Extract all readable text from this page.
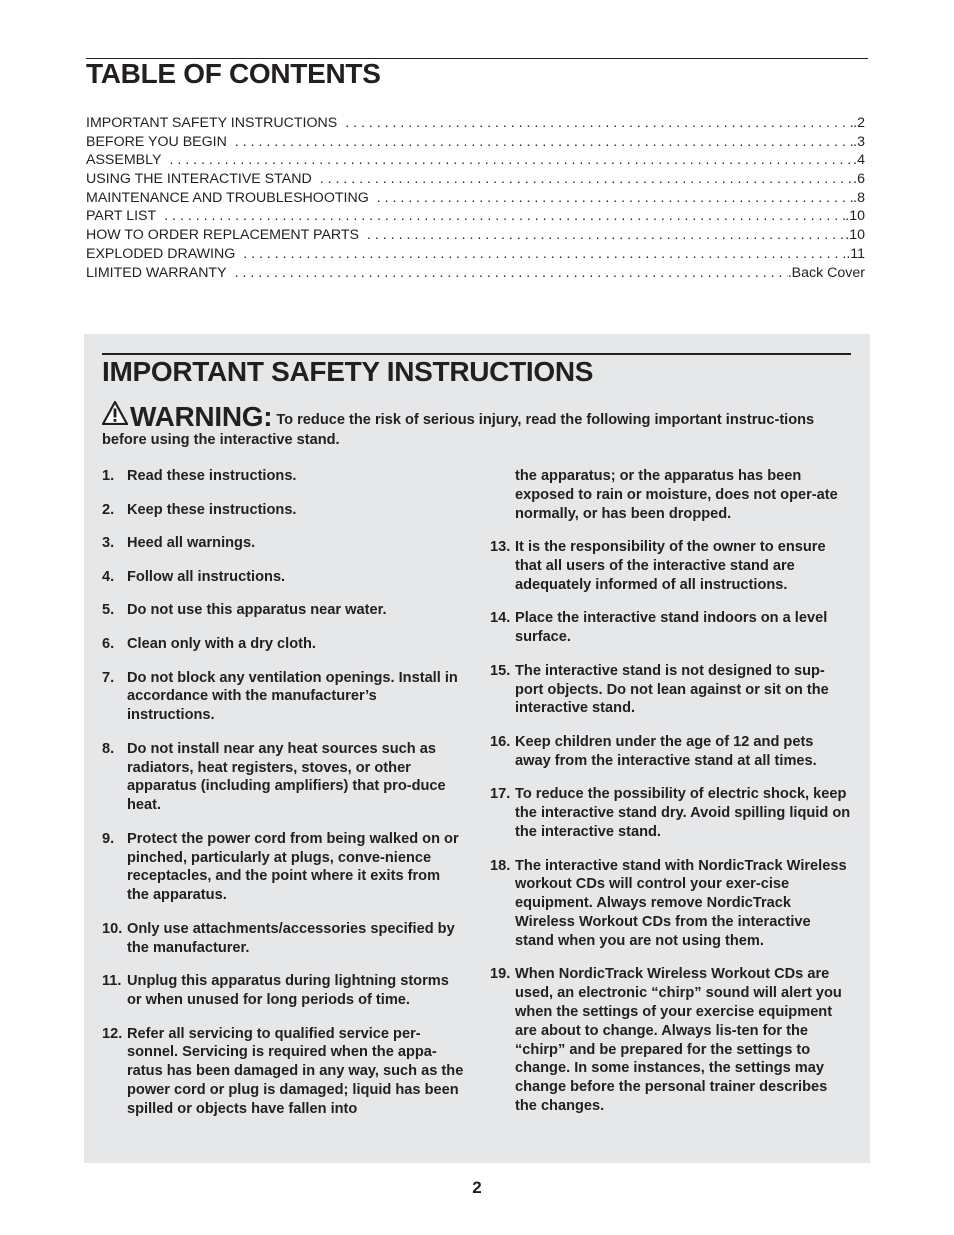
TABLE OF CONTENTS
IMPORTANT SAFETY INSTRUCTIONS . . .	.2
BEFORE YOU BEGIN . . .	.3
ASSEMBLY . . .	.4
USING THE INTERACTIVE STAND . . .	.6
MAINTENANCE AND TROUBLESHOOTING . . .	.8
PART LIST . . .	.10
HOW TO ORDER REPLACEMENT PARTS . . .	.10
EXPLODED DRAWING . . .	.11
LIMITED WARRANTY . . .	.Back Cover
IMPORTANT SAFETY INSTRUCTIONS
WARNING: To reduce the risk of serious injury, read the following important instruc-tions before using the interactive stand.
1. Read these instructions.
2. Keep these instructions.
3. Heed all warnings.
4. Follow all instructions.
5. Do not use this apparatus near water.
6. Clean only with a dry cloth.
7. Do not block any ventilation openings. Install in accordance with the manufacturer’s instructions.
8. Do not install near any heat sources such as radiators, heat registers, stoves, or other apparatus (including amplifiers) that pro-duce heat.
9. Protect the power cord from being walked on or pinched, particularly at plugs, conve-nience receptacles, and the point where it exits from the apparatus.
10. Only use attachments/accessories specified by the manufacturer.
11. Unplug this apparatus during lightning storms or when unused for long periods of time.
12. Refer all servicing to qualified service per-sonnel. Servicing is required when the appa-ratus has been damaged in any way, such as the power cord or plug is damaged; liquid has been spilled or objects have fallen into
the apparatus; or the apparatus has been exposed to rain or moisture, does not oper-ate normally, or has been dropped.
13. It is the responsibility of the owner to ensure that all users of the interactive stand are adequately informed of all instructions.
14. Place the interactive stand indoors on a level surface.
15. The interactive stand is not designed to sup-port objects. Do not lean against or sit on the interactive stand.
16. Keep children under the age of 12 and pets away from the interactive stand at all times.
17. To reduce the possibility of electric shock, keep the interactive stand dry. Avoid spilling liquid on the interactive stand.
18. The interactive stand with NordicTrack Wireless workout CDs will control your exer-cise equipment. Always remove NordicTrack Wireless Workout CDs from the interactive stand when you are not using them.
19. When NordicTrack Wireless Workout CDs are used, an electronic “chirp” sound will alert you when the settings of your exercise equipment are about to change. Always lis-ten for the “chirp” and be prepared for the settings to change. In some instances, the settings may change before the personal trainer describes the changes.
2
